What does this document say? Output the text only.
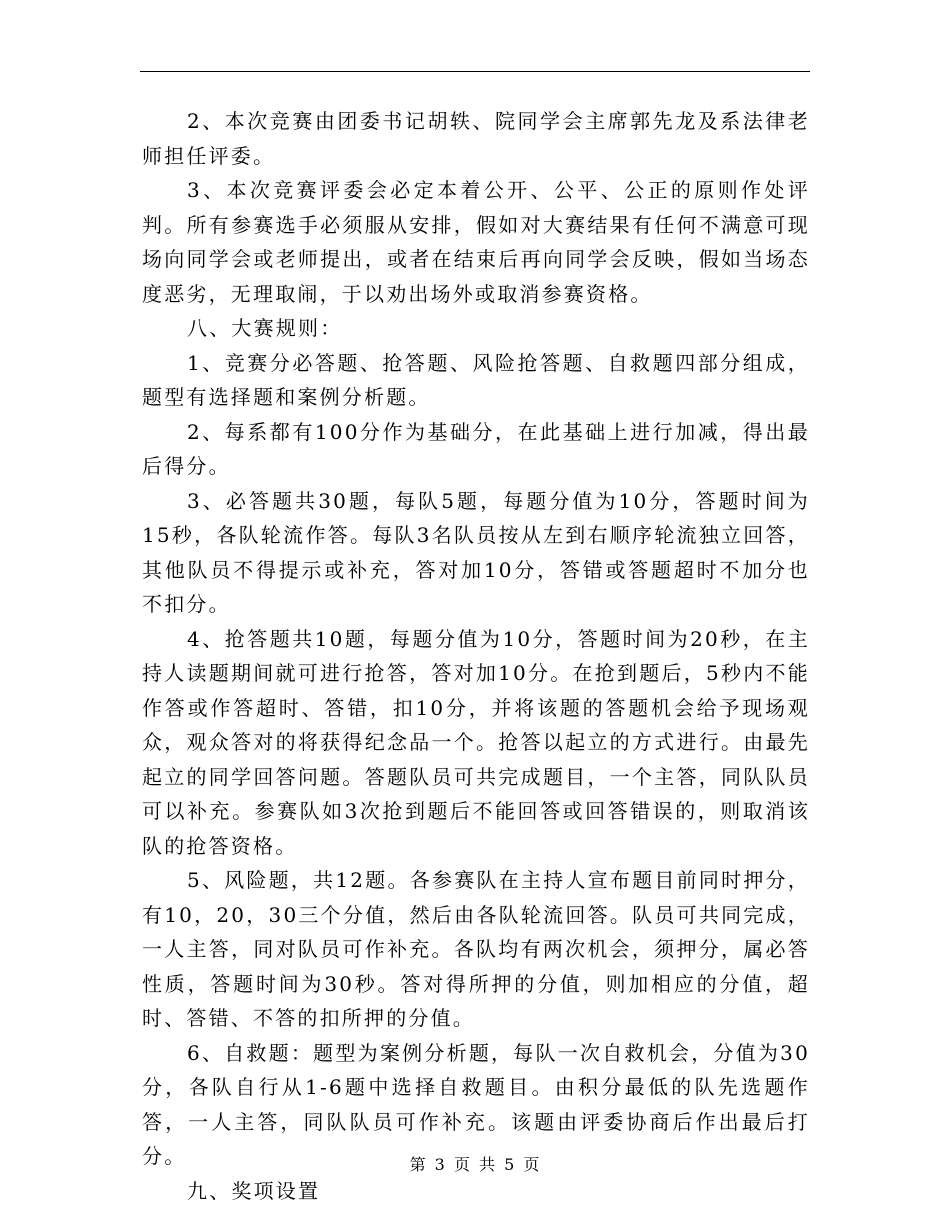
2、本次竞赛由团委书记胡轶、院同学会主席郭先龙及系法律老师担任评委。

3、本次竞赛评委会必定本着公开、公平、公正的原则作处评判。所有参赛选手必须服从安排，假如对大赛结果有任何不满意可现场向同学会或老师提出，或者在结束后再向同学会反映，假如当场态度恶劣，无理取闹，于以劝出场外或取消参赛资格。

八、大赛规则：

1、竞赛分必答题、抢答题、风险抢答题、自救题四部分组成，题型有选择题和案例分析题。

2、每系都有100分作为基础分，在此基础上进行加减，得出最后得分。

3、必答题共30题，每队5题，每题分值为10分，答题时间为15秒，各队轮流作答。每队3名队员按从左到右顺序轮流独立回答，其他队员不得提示或补充，答对加10分，答错或答题超时不加分也不扣分。

4、抢答题共10题，每题分值为10分，答题时间为20秒，在主持人读题期间就可进行抢答，答对加10分。在抢到题后，5秒内不能作答或作答超时、答错，扣10分，并将该题的答题机会给予现场观众，观众答对的将获得纪念品一个。抢答以起立的方式进行。由最先起立的同学回答问题。答题队员可共完成题目，一个主答，同队队员可以补充。参赛队如3次抢到题后不能回答或回答错误的，则取消该队的抢答资格。

5、风险题，共12题。各参赛队在主持人宣布题目前同时押分，有10，20，30三个分值，然后由各队轮流回答。队员可共同完成，一人主答，同对队员可作补充。各队均有两次机会，须押分，属必答性质，答题时间为30秒。答对得所押的分值，则加相应的分值，超时、答错、不答的扣所押的分值。

6、自救题：题型为案例分析题，每队一次自救机会，分值为30分，各队自行从1-6题中选择自救题目。由积分最低的队先选题作答，一人主答，同队队员可作补充。该题由评委协商后作出最后打分。

九、奖项设置

第 3 页 共 5 页
